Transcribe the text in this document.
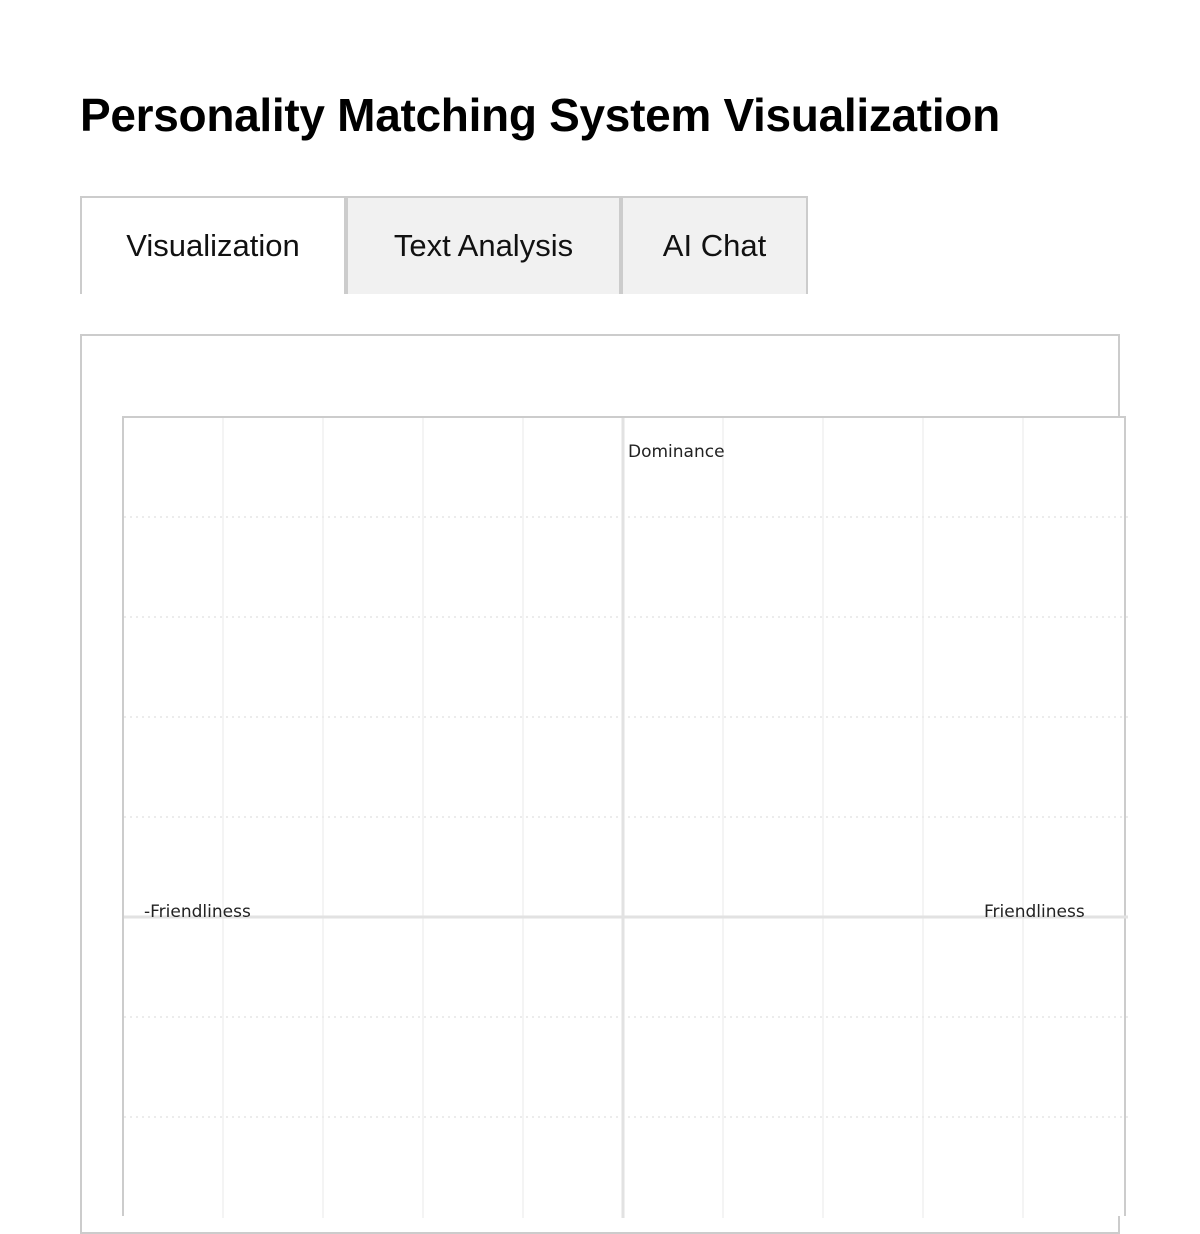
Personality Matching System Visualization
Visualization	Text Analysis	AI Chat
Dominance
-Friendliness	Friendliness
